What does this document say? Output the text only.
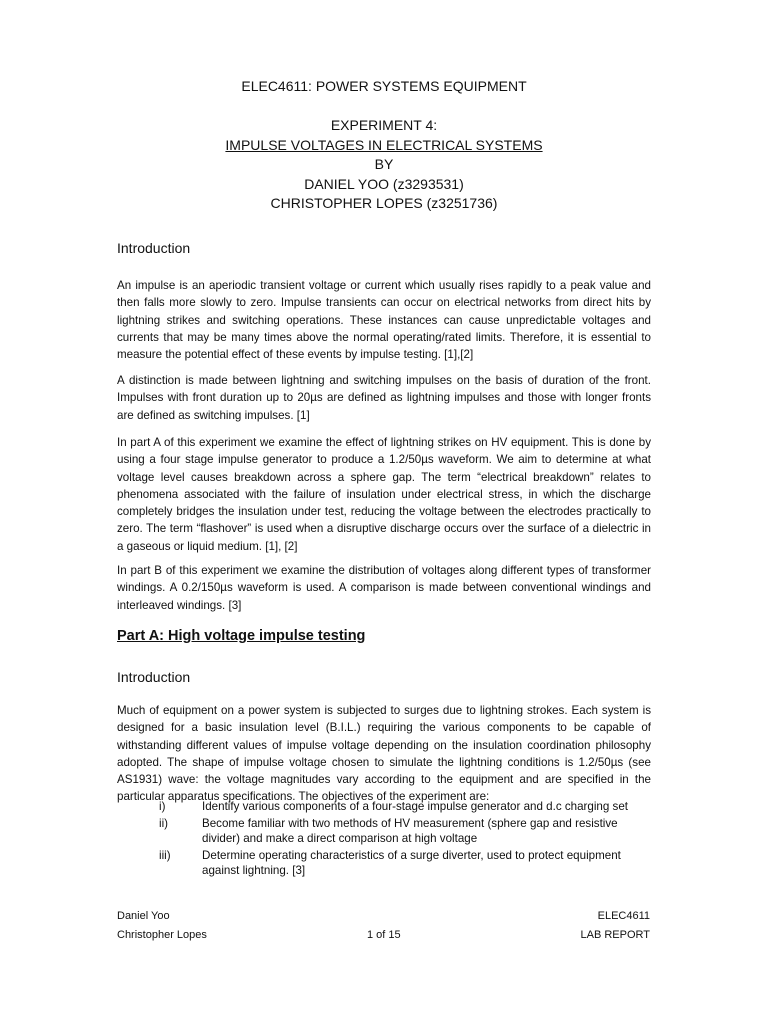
ELEC4611: POWER SYSTEMS EQUIPMENT
EXPERIMENT 4:
IMPULSE VOLTAGES IN ELECTRICAL SYSTEMS
BY
DANIEL YOO (z3293531)
CHRISTOPHER LOPES (z3251736)
Introduction

An impulse is an aperiodic transient voltage or current which usually rises rapidly to a peak value and then falls more slowly to zero. Impulse transients can occur on electrical networks from direct hits by lightning strikes and switching operations. These instances can cause unpredictable voltages and currents that may be many times above the normal operating/rated limits. Therefore, it is essential to measure the potential effect of these events by impulse testing. [1],[2]

A distinction is made between lightning and switching impulses on the basis of duration of the front. Impulses with front duration up to 20µs are defined as lightning impulses and those with longer fronts are defined as switching impulses. [1]

In part A of this experiment we examine the effect of lightning strikes on HV equipment. This is done by using a four stage impulse generator to produce a 1.2/50µs waveform. We aim to determine at what voltage level causes breakdown across a sphere gap. The term “electrical breakdown” relates to phenomena associated with the failure of insulation under electrical stress, in which the discharge completely bridges the insulation under test, reducing the voltage between the electrodes practically to zero. The term “flashover” is used when a disruptive discharge occurs over the surface of a dielectric in a gaseous or liquid medium. [1], [2]

In part B of this experiment we examine the distribution of voltages along different types of transformer windings. A 0.2/150µs waveform is used. A comparison is made between conventional windings and interleaved windings. [3]

Part A: High voltage impulse testing
Introduction

Much of equipment on a power system is subjected to surges due to lightning strokes. Each system is designed for a basic insulation level (B.I.L.) requiring the various components to be capable of withstanding different values of impulse voltage depending on the insulation coordination philosophy adopted. The shape of impulse voltage chosen to simulate the lightning conditions is 1.2/50µs (see AS1931) wave: the voltage magnitudes vary according to the equipment and are specified in the particular apparatus specifications. The objectives of the experiment are:

i)	Identify various components of a four-stage impulse generator and d.c charging set
ii)	Become familiar with two methods of HV measurement (sphere gap and resistive divider) and make a direct comparison at high voltage
iii)	Determine operating characteristics of a surge diverter, used to protect equipment against lightning. [3]
Daniel Yoo
Christopher Lopes	1 of 15
ELEC4611
LAB REPORT
